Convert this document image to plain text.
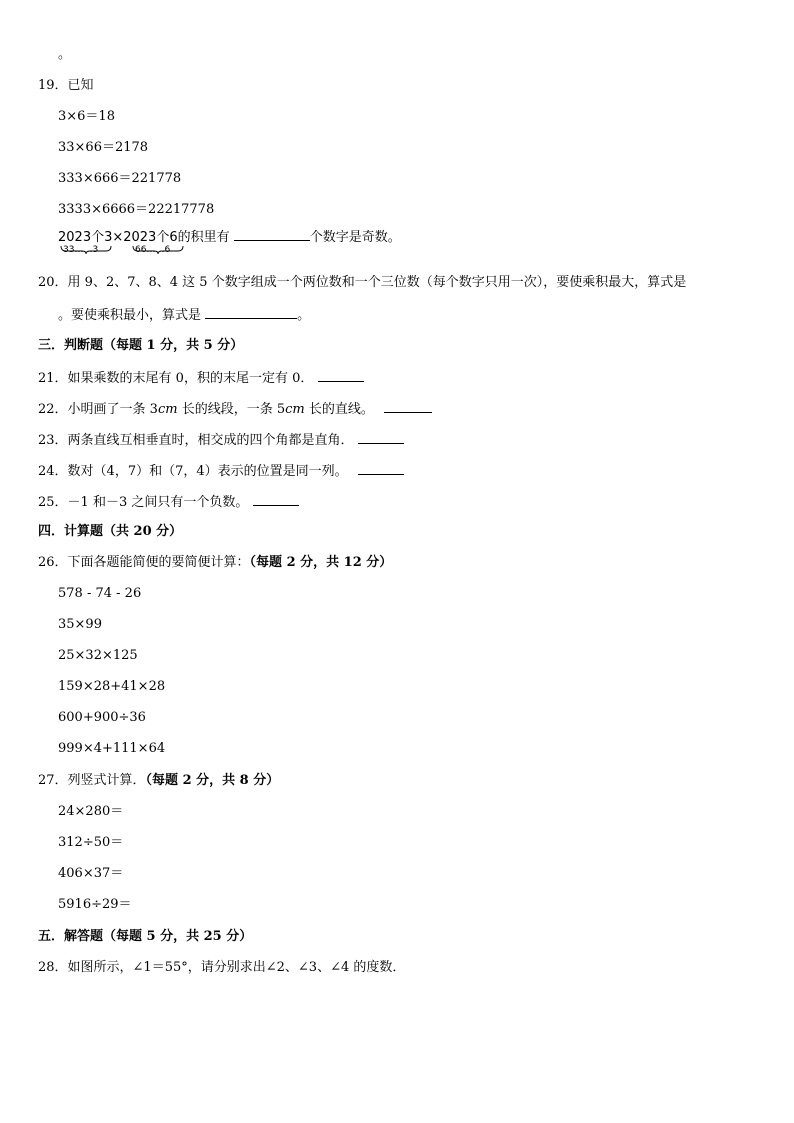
。
19．已知
3×6＝18
33×66＝2178
333×666＝221778
3333×6666＝22217778
2023个3×2023个6的积里有	个数字是奇数。
33……3	66……6
20．用 9、2、7、8、4 这 5 个数字组成一个两位数和一个三位数（每个数字只用一次），要使乘积最大，算式是
。要使乘积最小，算式是	。
三．判断题（每题 1 分，共 5 分）
21．如果乘数的末尾有 0，积的末尾一定有 0．
22．小明画了一条 3cm 长的线段，一条 5cm 长的直线。
23．两条直线互相垂直时，相交成的四个角都是直角．
24．数对（4，7）和（7，4）表示的位置是同一列。
25．－1 和－3 之间只有一个负数。
四．计算题（共 20 分）
26．下面各题能简便的要简便计算：（每题 2 分，共 12 分）
578 - 74 - 26
35×99
25×32×125
159×28+41×28
600+900÷36
999×4+111×64
27．列竖式计算．（每题 2 分，共 8 分）
24×280＝
312÷50＝
406×37＝
5916÷29＝
五．解答题（每题 5 分，共 25 分）
28．如图所示，∠1＝55°，请分别求出∠2、∠3、∠4 的度数．
